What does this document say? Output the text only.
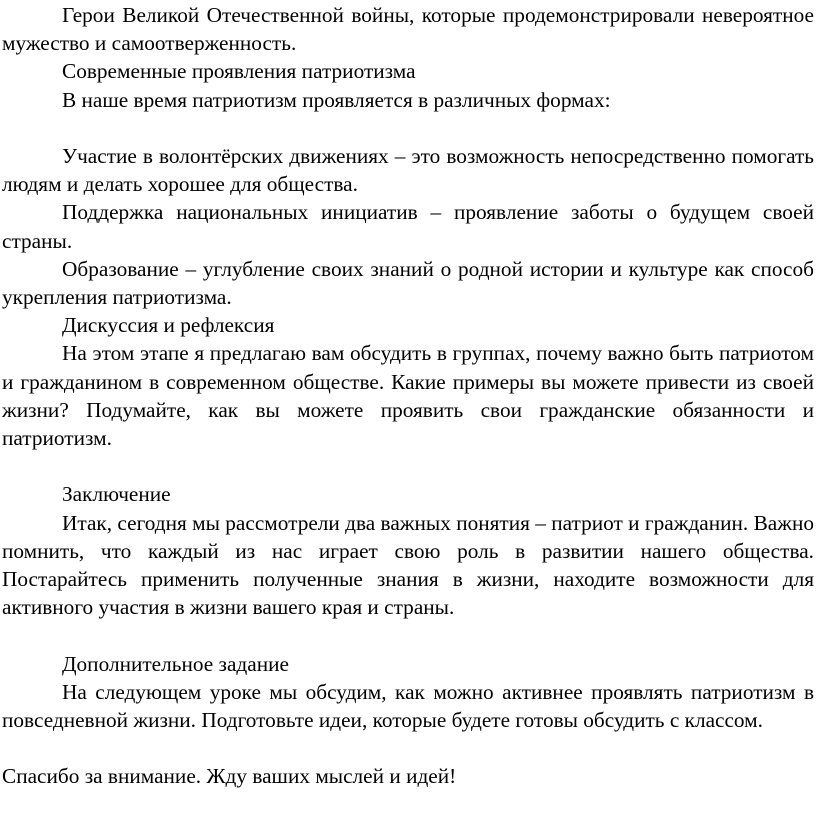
Герои Великой Отечественной войны, которые продемонстрировали невероятное мужество и самоотверженность.

Современные проявления патриотизма

В наше время патриотизм проявляется в различных формах:

Участие в волонтёрских движениях – это возможность непосредственно помогать людям и делать хорошее для общества.

Поддержка национальных инициатив – проявление заботы о будущем своей страны.

Образование – углубление своих знаний о родной истории и культуре как способ укрепления патриотизма.

Дискуссия и рефлексия

На этом этапе я предлагаю вам обсудить в группах, почему важно быть патриотом и гражданином в современном обществе. Какие примеры вы можете привести из своей жизни? Подумайте, как вы можете проявить свои гражданские обязанности и патриотизм.

Заключение

Итак, сегодня мы рассмотрели два важных понятия – патриот и гражданин. Важно помнить, что каждый из нас играет свою роль в развитии нашего общества. Постарайтесь применить полученные знания в жизни, находите возможности для активного участия в жизни вашего края и страны.

Дополнительное задание

На следующем уроке мы обсудим, как можно активнее проявлять патриотизм в повседневной жизни. Подготовьте идеи, которые будете готовы обсудить с классом.

Спасибо за внимание. Жду ваших мыслей и идей!
